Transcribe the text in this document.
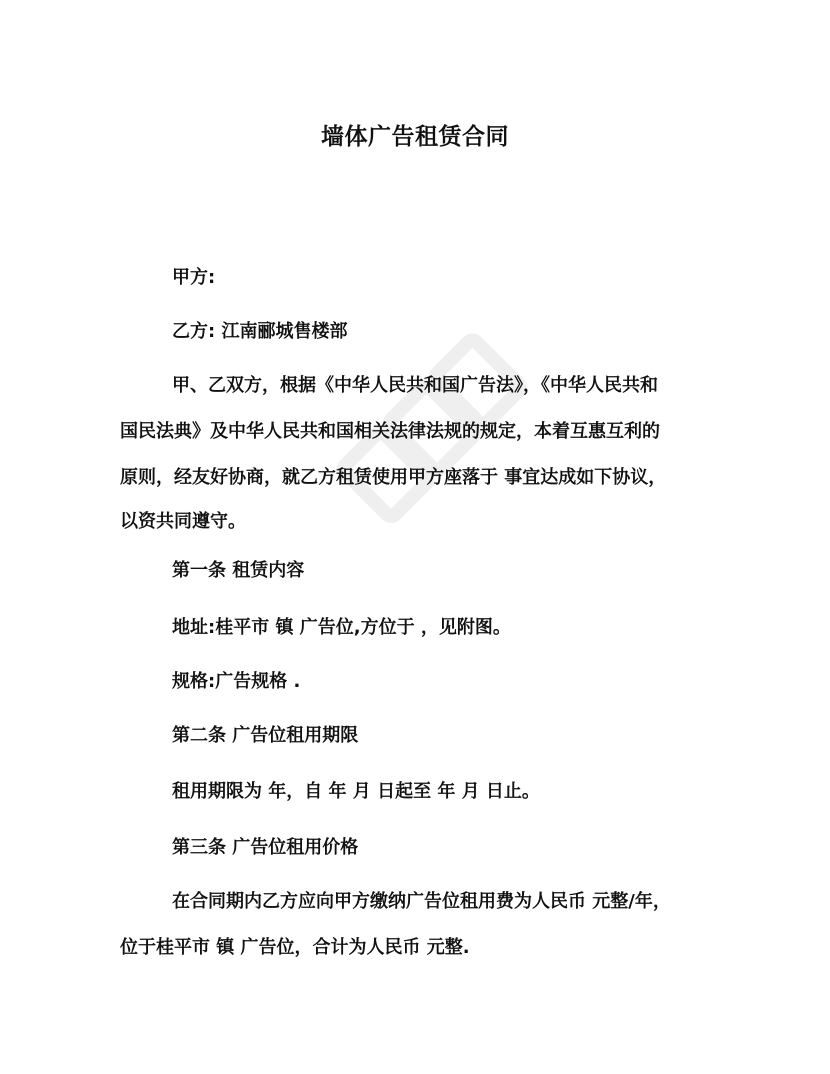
墙体广告租赁合同
甲方:
乙方: 江南郦城售楼部
甲、乙双方，根据《中华人民共和国广告法》，《中华人民共和
国民法典》及中华人民共和国相关法律法规的规定，本着互惠互利的
原则，经友好协商，就乙方租赁使用甲方座落于 事宜达成如下协议，
以资共同遵守。
第一条 租赁内容
地址:桂平市 镇 广告位,方位于 ，见附图。
规格:广告规格 .
第二条 广告位租用期限
租用期限为 年，自 年 月 日起至 年 月 日止。
第三条 广告位租用价格
在合同期内乙方应向甲方缴纳广告位租用费为人民币 元整/年，
位于桂平市 镇 广告位，合计为人民币 元整.
